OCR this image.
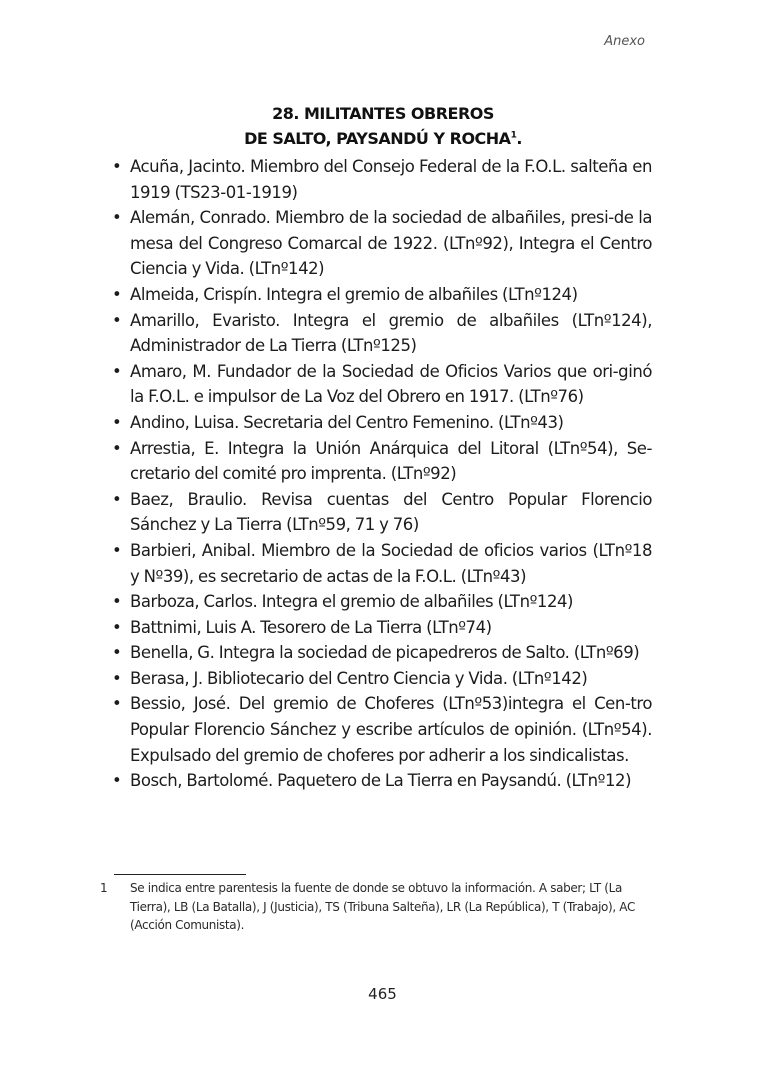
Anexo
28. MILITANTES OBREROS
DE SALTO, PAYSANDÚ Y ROCHA$^1$.
• Acuña, Jacinto. Miembro del Consejo Federal de la F.O.L. salteña en 1919 (TS23-01-1919)
• Alemán, Conrado. Miembro de la sociedad de albañiles, presi-de la mesa del Congreso Comarcal de 1922. (LTnº92), Integra el Centro Ciencia y Vida. (LTnº142)
• Almeida, Crispín. Integra el gremio de albañiles (LTnº124)
• Amarillo, Evaristo. Integra el gremio de albañiles (LTnº124), Administrador de La Tierra (LTnº125)
• Amaro, M. Fundador de la Sociedad de Oficios Varios que ori-ginó la F.O.L. e impulsor de La Voz del Obrero en 1917. (LTnº76)
• Andino, Luisa. Secretaria del Centro Femenino. (LTnº43)
• Arrestia, E. Integra la Unión Anárquica del Litoral (LTnº54), Se-cretario del comité pro imprenta. (LTnº92)
• Baez, Braulio. Revisa cuentas del Centro Popular Florencio Sánchez y La Tierra (LTnº59, 71 y 76)
• Barbieri, Anibal. Miembro de la Sociedad de oficios varios (LTnº18 y Nº39), es secretario de actas de la F.O.L. (LTnº43)
• Barboza, Carlos. Integra el gremio de albañiles (LTnº124)
• Battnimi, Luis A. Tesorero de La Tierra (LTnº74)
• Benella, G. Integra la sociedad de picapedreros de Salto. (LTnº69)
• Berasa, J. Bibliotecario del Centro Ciencia y Vida. (LTnº142)
• Bessio, José. Del gremio de Choferes (LTnº53)integra el Cen-tro Popular Florencio Sánchez y escribe artículos de opinión. (LTnº54). Expulsado del gremio de choferes por adherir a los sindicalistas.
• Bosch, Bartolomé. Paquetero de La Tierra en Paysandú. (LTnº12)
1 Se indica entre parentesis la fuente de donde se obtuvo la información. A saber; LT (La Tierra), LB (La Batalla), J (Justicia), TS (Tribuna Salteña), LR (La República), T (Trabajo), AC (Acción Comunista).
465
